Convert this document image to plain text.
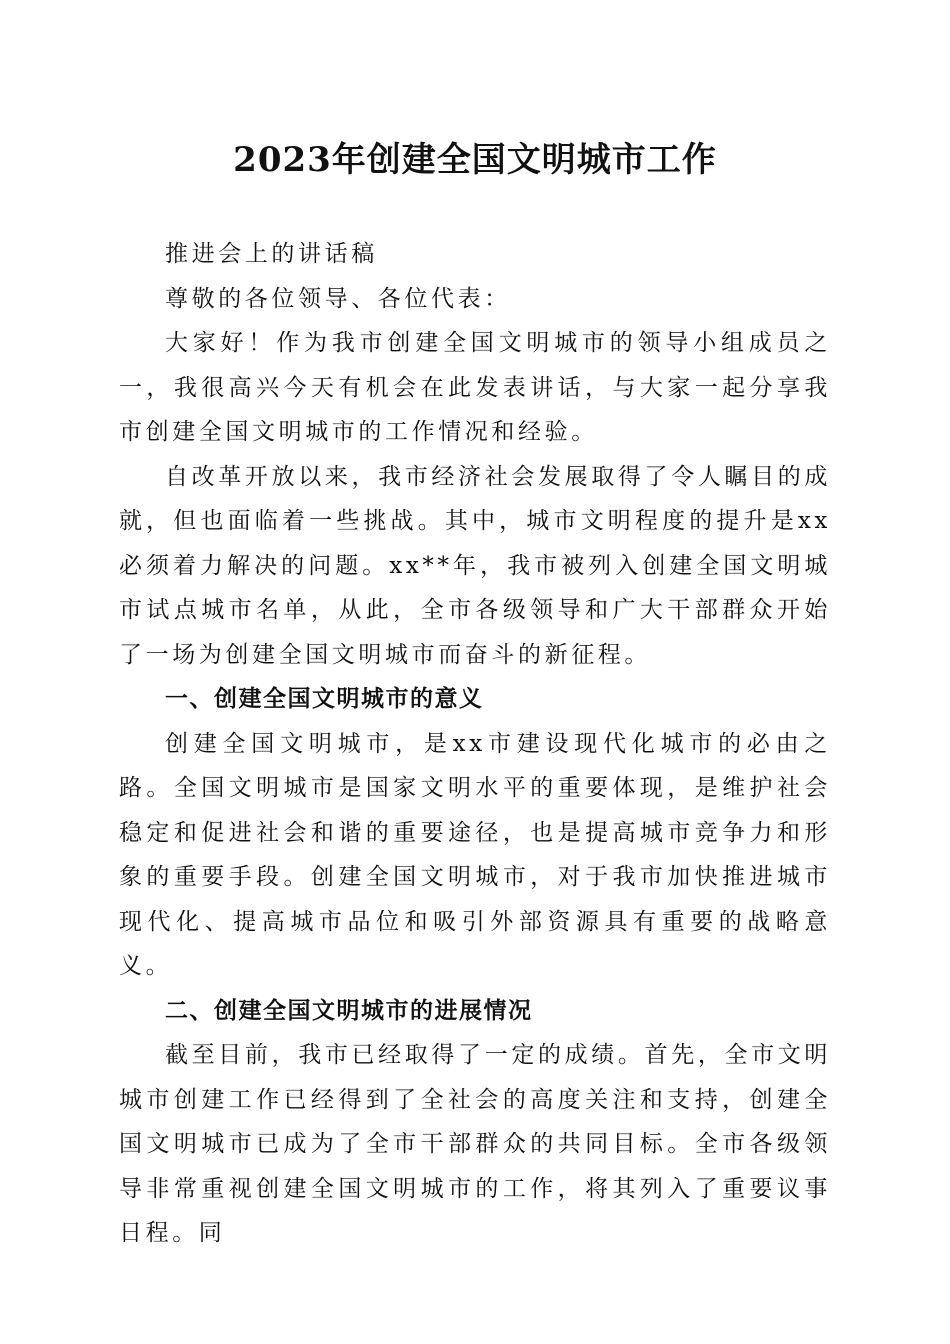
2023年创建全国文明城市工作

推进会上的讲话稿

尊敬的各位领导、各位代表：

大家好！作为我市创建全国文明城市的领导小组成员之一，我很高兴今天有机会在此发表讲话，与大家一起分享我市创建全国文明城市的工作情况和经验。

自改革开放以来，我市经济社会发展取得了令人瞩目的成就，但也面临着一些挑战。其中，城市文明程度的提升是xx必须着力解决的问题。xx**年，我市被列入创建全国文明城市试点城市名单，从此，全市各级领导和广大干部群众开始了一场为创建全国文明城市而奋斗的新征程。

一、创建全国文明城市的意义

创建全国文明城市，是xx市建设现代化城市的必由之路。全国文明城市是国家文明水平的重要体现，是维护社会稳定和促进社会和谐的重要途径，也是提高城市竞争力和形象的重要手段。创建全国文明城市，对于我市加快推进城市现代化、提高城市品位和吸引外部资源具有重要的战略意义。

二、创建全国文明城市的进展情况

截至目前，我市已经取得了一定的成绩。首先，全市文明城市创建工作已经得到了全社会的高度关注和支持，创建全国文明城市已成为了全市干部群众的共同目标。全市各级领导非常重视创建全国文明城市的工作，将其列入了重要议事日程。同
